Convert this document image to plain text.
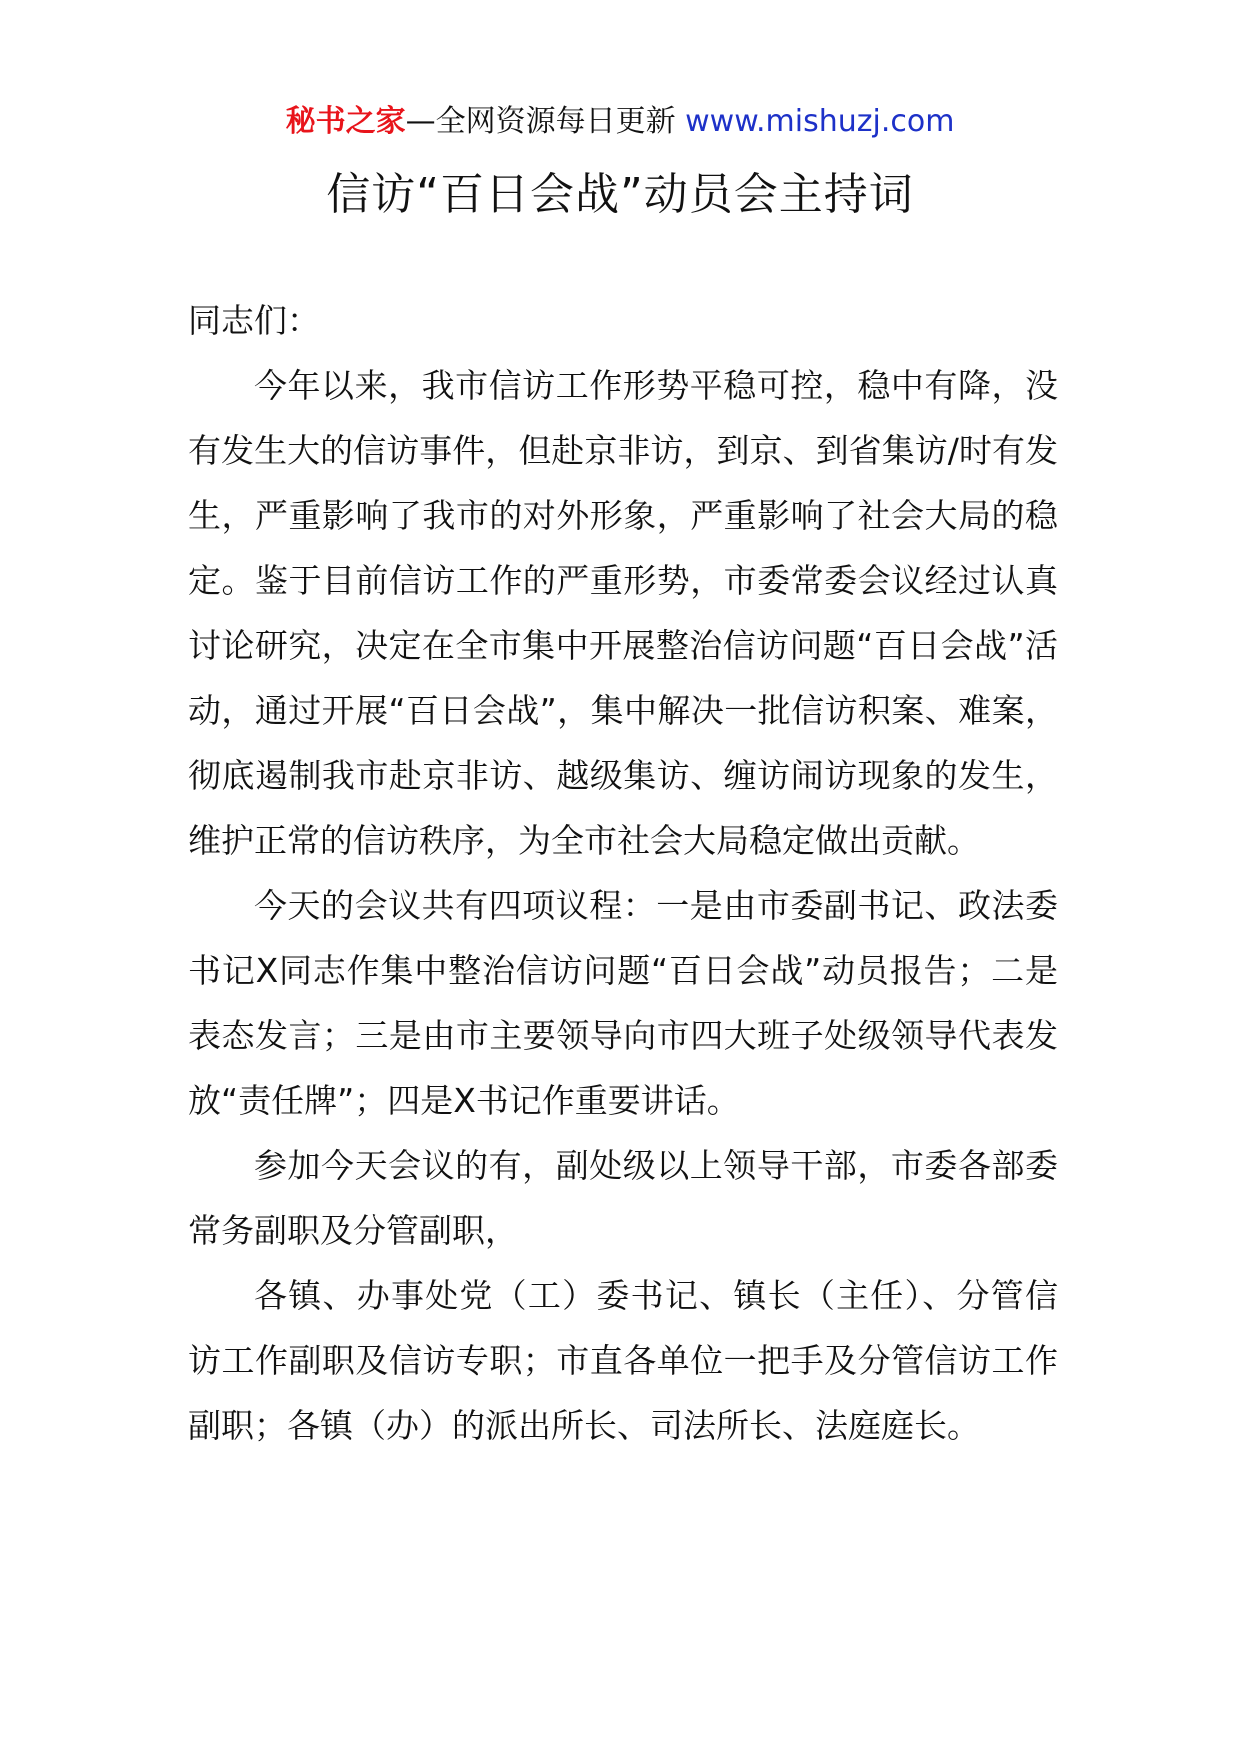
秘书之家—全网资源每日更新 www.mishuzj.com
信访“百日会战”动员会主持词

同志们：

今年以来，我市信访工作形势平稳可控，稳中有降，没有发生大的信访事件，但赴京非访，到京、到省集访/时有发生，严重影响了我市的对外形象，严重影响了社会大局的稳定。鉴于目前信访工作的严重形势，市委常委会议经过认真讨论研究，决定在全市集中开展整治信访问题“百日会战”活动，通过开展“百日会战”，集中解决一批信访积案、难案，彻底遏制我市赴京非访、越级集访、缠访闹访现象的发生，维护正常的信访秩序，为全市社会大局稳定做出贡献。

今天的会议共有四项议程：一是由市委副书记、政法委书记X同志作集中整治信访问题“百日会战”动员报告；二是表态发言；三是由市主要领导向市四大班子处级领导代表发放“责任牌”；四是X书记作重要讲话。

参加今天会议的有，副处级以上领导干部，市委各部委常务副职及分管副职，

各镇、办事处党（工）委书记、镇长（主任）、分管信访工作副职及信访专职；市直各单位一把手及分管信访工作副职；各镇（办）的派出所长、司法所长、法庭庭长。
